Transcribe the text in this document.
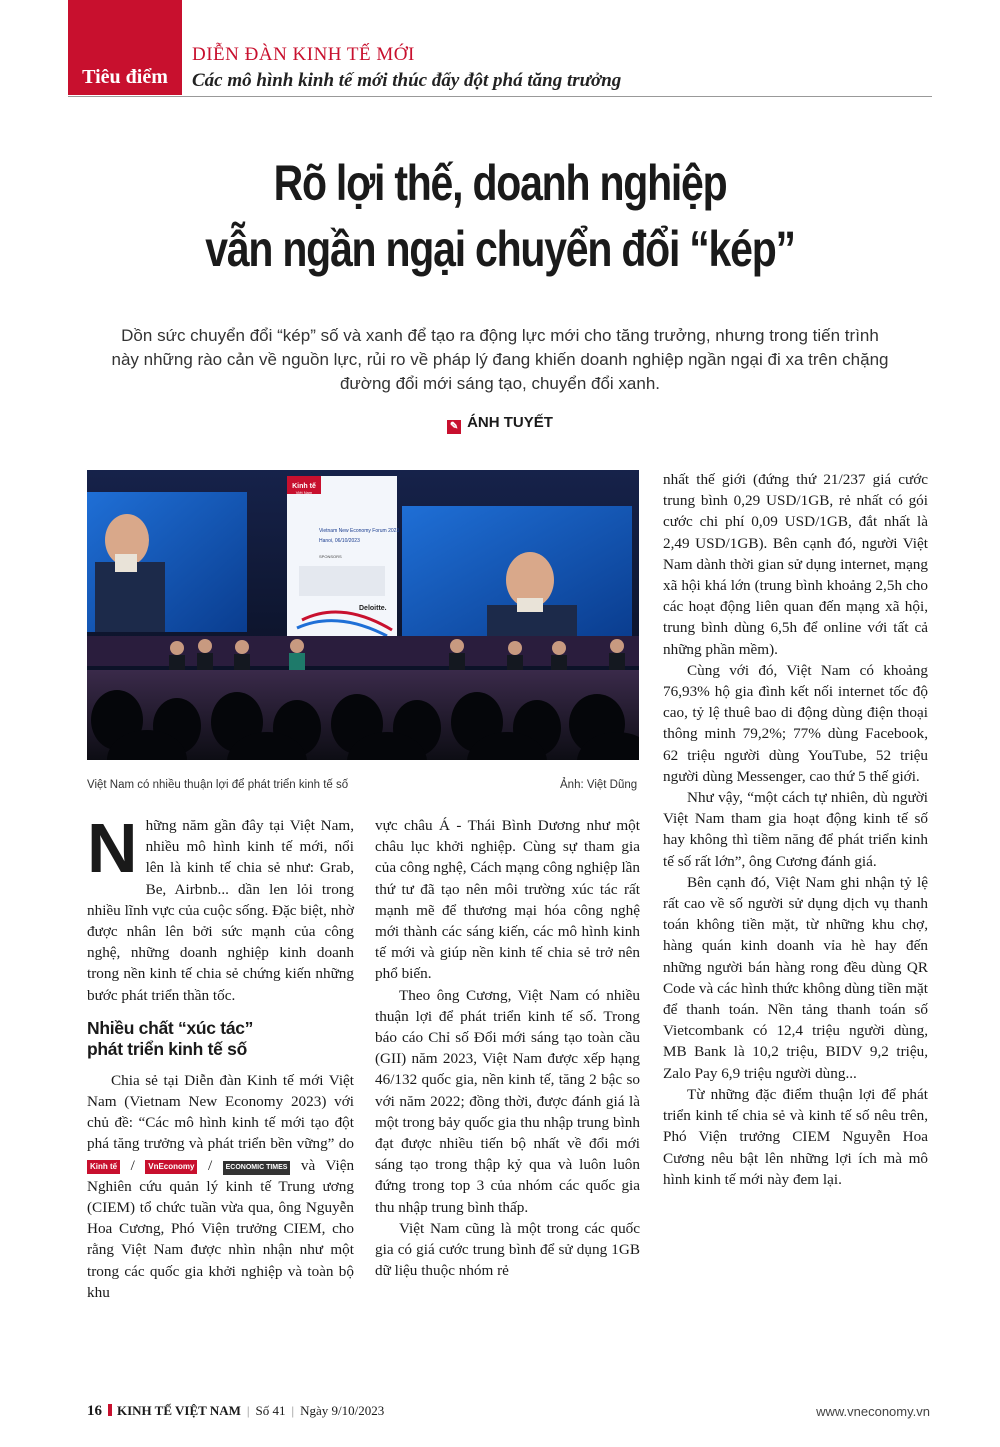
Tiêu điểm
DIỄN ĐÀN KINH TẾ MỚI
Các mô hình kinh tế mới thúc đẩy đột phá tăng trưởng
Rõ lợi thế, doanh nghiệp
vẫn ngần ngại chuyển đổi “kép”
Dồn sức chuyển đổi “kép” số và xanh để tạo ra động lực mới cho tăng trưởng, nhưng trong tiến trình này những rào cản về nguồn lực, rủi ro về pháp lý đang khiến doanh nghiệp ngần ngại đi xa trên chặng đường đổi mới sáng tạo, chuyển đổi xanh.
✎ ÁNH TUYẾT
Kinh tế
Việt Nam
Vietnam New Economy Forum 2023
Hanoi, 06/10/2023
SPONSORS
Deloitte.
Việt Nam có nhiều thuận lợi để phát triển kinh tế số	Ảnh: Việt Dũng

Những năm gần đây tại Việt Nam, nhiều mô hình kinh tế mới, nổi lên là kinh tế chia sẻ như: Grab, Be, Airbnb... dần len lỏi trong nhiều lĩnh vực của cuộc sống. Đặc biệt, nhờ được nhân lên bởi sức mạnh của công nghệ, những doanh nghiệp kinh doanh trong nền kinh tế chia sẻ chứng kiến những bước phát triển thần tốc.

Nhiều chất “xúc tác”
phát triển kinh tế số

Chia sẻ tại Diễn đàn Kinh tế mới Việt Nam (Vietnam New Economy 2023) với chủ đề: “Các mô hình kinh tế mới tạo đột phá tăng trưởng và phát triển bền vững” do Kinh tế / VnEconomy / ECONOMIC TIMES và Viện Nghiên cứu quản lý kinh tế Trung ương (CIEM) tổ chức tuần vừa qua, ông Nguyễn Hoa Cương, Phó Viện trưởng CIEM, cho rằng Việt Nam được nhìn nhận như một trong các quốc gia khởi nghiệp và toàn bộ khu

vực châu Á - Thái Bình Dương như một châu lục khởi nghiệp. Cùng sự tham gia của công nghệ, Cách mạng công nghiệp lần thứ tư đã tạo nên môi trường xúc tác rất mạnh mẽ để thương mại hóa công nghệ mới thành các sáng kiến, các mô hình kinh tế mới và giúp nền kinh tế chia sẻ trở nên phổ biến.

Theo ông Cương, Việt Nam có nhiều thuận lợi để phát triển kinh tế số. Trong báo cáo Chỉ số Đổi mới sáng tạo toàn cầu (GII) năm 2023, Việt Nam được xếp hạng 46/132 quốc gia, nền kinh tế, tăng 2 bậc so với năm 2022; đồng thời, được đánh giá là một trong bảy quốc gia thu nhập trung bình đạt được nhiều tiến bộ nhất về đổi mới sáng tạo trong thập kỷ qua và luôn luôn đứng trong top 3 của nhóm các quốc gia thu nhập trung bình thấp.

Việt Nam cũng là một trong các quốc gia có giá cước trung bình để sử dụng 1GB dữ liệu thuộc nhóm rẻ

nhất thế giới (đứng thứ 21/237 giá cước trung bình 0,29 USD/1GB, rẻ nhất có gói cước chi phí 0,09 USD/1GB, đắt nhất là 2,49 USD/1GB). Bên cạnh đó, người Việt Nam dành thời gian sử dụng internet, mạng xã hội khá lớn (trung bình khoảng 2,5h cho các hoạt động liên quan đến mạng xã hội, trung bình dùng 6,5h để online với tất cả những phần mềm).

Cùng với đó, Việt Nam có khoảng 76,93% hộ gia đình kết nối internet tốc độ cao, tỷ lệ thuê bao di động dùng điện thoại thông minh 79,2%; 77% dùng Facebook, 62 triệu người dùng YouTube, 52 triệu người dùng Messenger, cao thứ 5 thế giới.

Như vậy, “một cách tự nhiên, dù người Việt Nam tham gia hoạt động kinh tế số hay không thì tiềm năng để phát triển kinh tế số rất lớn”, ông Cương đánh giá.

Bên cạnh đó, Việt Nam ghi nhận tỷ lệ rất cao về số người sử dụng dịch vụ thanh toán không tiền mặt, từ những khu chợ, hàng quán kinh doanh vỉa hè hay đến những người bán hàng rong đều dùng QR Code và các hình thức không dùng tiền mặt để thanh toán. Nền tảng thanh toán số Vietcombank có 12,4 triệu người dùng, MB Bank là 10,2 triệu, BIDV 9,2 triệu, Zalo Pay 6,9 triệu người dùng...

Từ những đặc điểm thuận lợi để phát triển kinh tế chia sẻ và kinh tế số nêu trên, Phó Viện trưởng CIEM Nguyễn Hoa Cương nêu bật lên những lợi ích mà mô hình kinh tế mới này đem lại.

16 KINH TẾ VIỆT NAM | Số 41 | Ngày 9/10/2023	www.vneconomy.vn
